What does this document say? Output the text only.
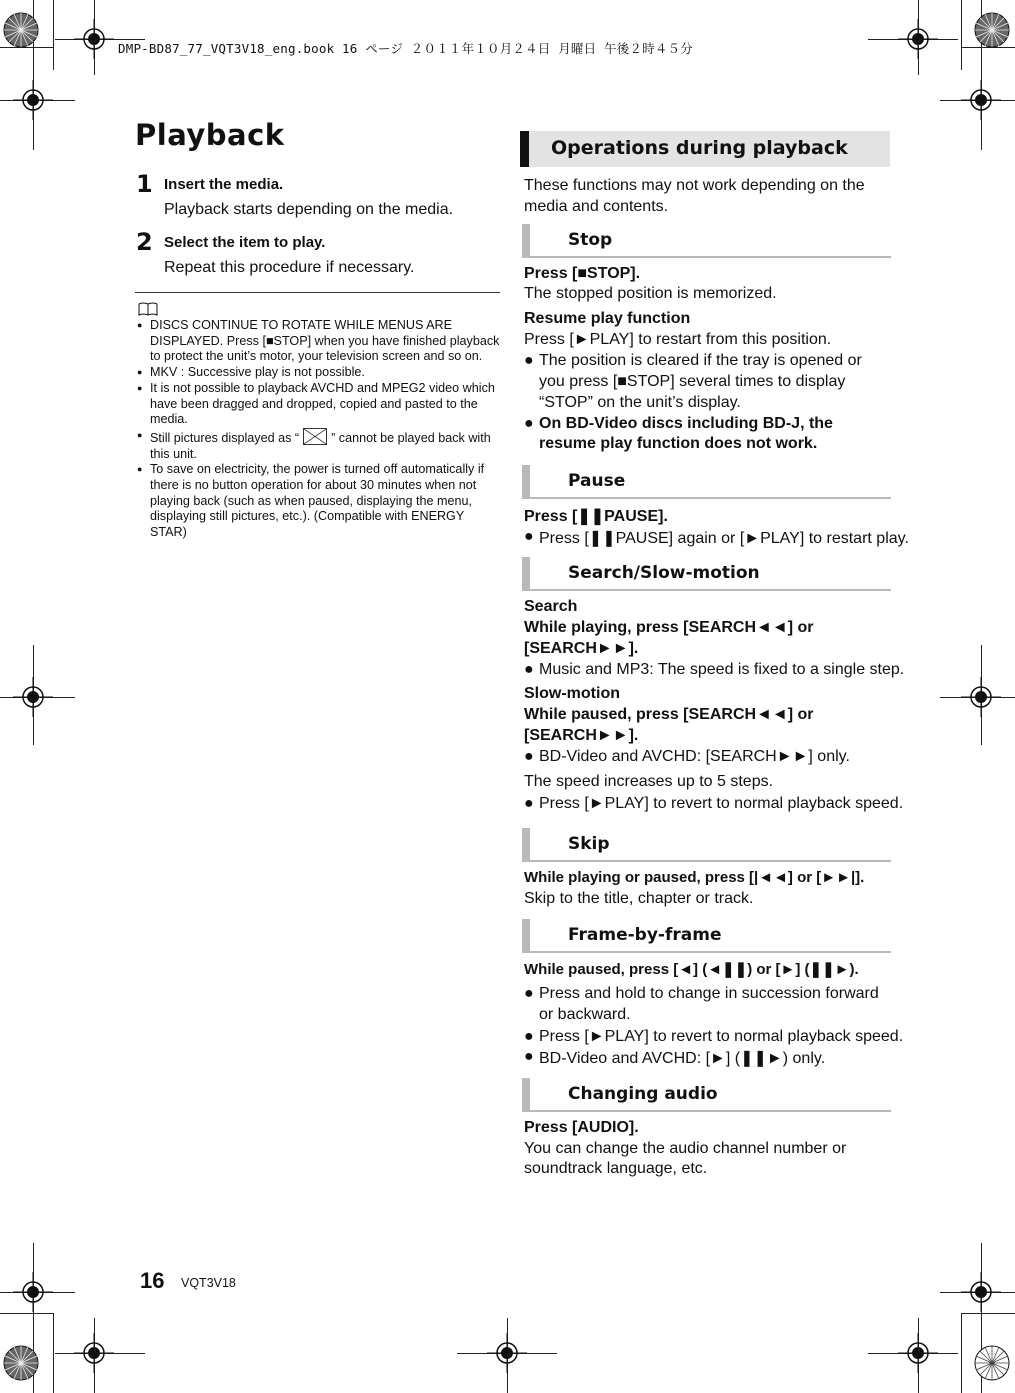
DMP-BD87_77_VQT3V18_eng.book 16 ページ ２０１１年１０月２４日 月曜日 午後２時４５分
Playback
1 Insert the media.
Playback starts depending on the media.
2 Select the item to play.
Repeat this procedure if necessary.
● DISCS CONTINUE TO ROTATE WHILE MENUS ARE DISPLAYED. Press [■STOP] when you have finished playback to protect the unit’s motor, your television screen and so on.
● MKV : Successive play is not possible.
● It is not possible to playback AVCHD and MPEG2 video which have been dragged and dropped, copied and pasted to the media.
● Still pictures displayed as “	” cannot be played back with this unit.
● To save on electricity, the power is turned off automatically if there is no button operation for about 30 minutes when not playing back (such as when paused, displaying the menu, displaying still pictures, etc.). (Compatible with ENERGY STAR)
Operations during playback
These functions may not work depending on the
media and contents.
Stop
Press [■STOP].
The stopped position is memorized.
Resume play function
Press [►PLAY] to restart from this position.
● The position is cleared if the tray is opened or
you press [■STOP] several times to display
“STOP” on the unit’s display.
● On BD-Video discs including BD-J, the
resume play function does not work.
Pause
Press [❚❚PAUSE].
● Press [❚❚PAUSE] again or [►PLAY] to restart play.
Search/Slow-motion
Search
While playing, press [SEARCH◄◄] or
[SEARCH►►].
● Music and MP3: The speed is fixed to a single step.
Slow-motion
While paused, press [SEARCH◄◄] or
[SEARCH►►].
● BD-Video and AVCHD: [SEARCH►►] only.
The speed increases up to 5 steps.
● Press [►PLAY] to revert to normal playback speed.
Skip
While playing or paused, press [|◄◄] or [►►|].
Skip to the title, chapter or track.
Frame-by-frame
While paused, press [◄] (◄❚❚) or [►] (❚❚►).
● Press and hold to change in succession forward
or backward.
● Press [►PLAY] to revert to normal playback speed.
● BD-Video and AVCHD: [►] (❚❚►) only.
Changing audio
Press [AUDIO].
You can change the audio channel number or
soundtrack language, etc.
16 VQT3V18
